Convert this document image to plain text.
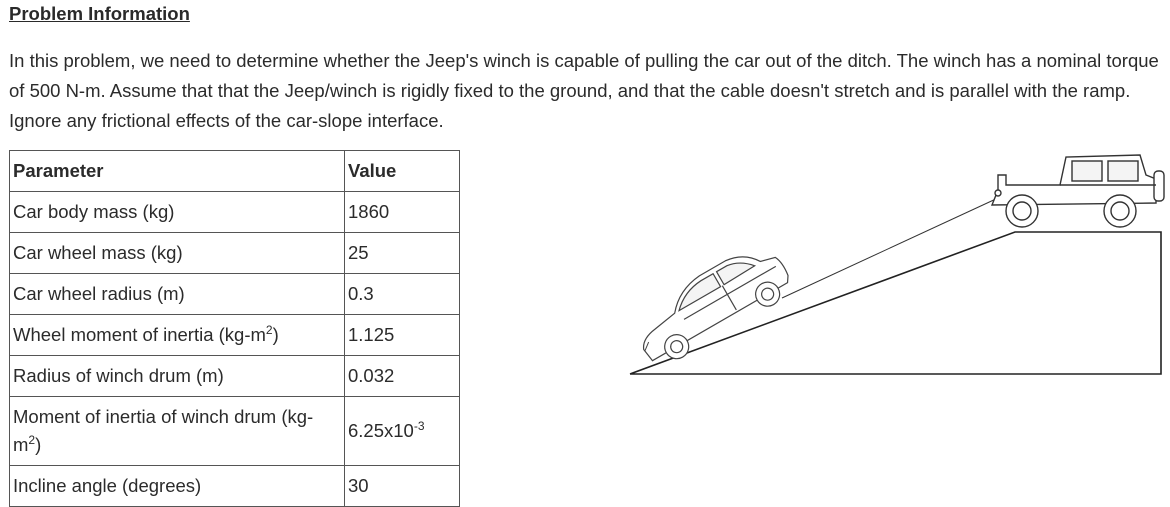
Problem Information
In this problem, we need to determine whether the Jeep's winch is capable of pulling the car out of the ditch. The winch has a nominal torque of 500 N-m. Assume that that the Jeep/winch is rigidly fixed to the ground, and that the cable doesn't stretch and is parallel with the ramp. Ignore any frictional effects of the car-slope interface.
Parameter	Value
Car body mass (kg)	1860
Car wheel mass (kg)	25
Car wheel radius (m)	0.3
Wheel moment of inertia $(kg-m^2)$	1.125
Radius of winch drum (m)	0.032

Moment of inertia of winch drum (kg-
$m^2$)	$6.25x10^{-3}$
Incline angle (degrees)	30
